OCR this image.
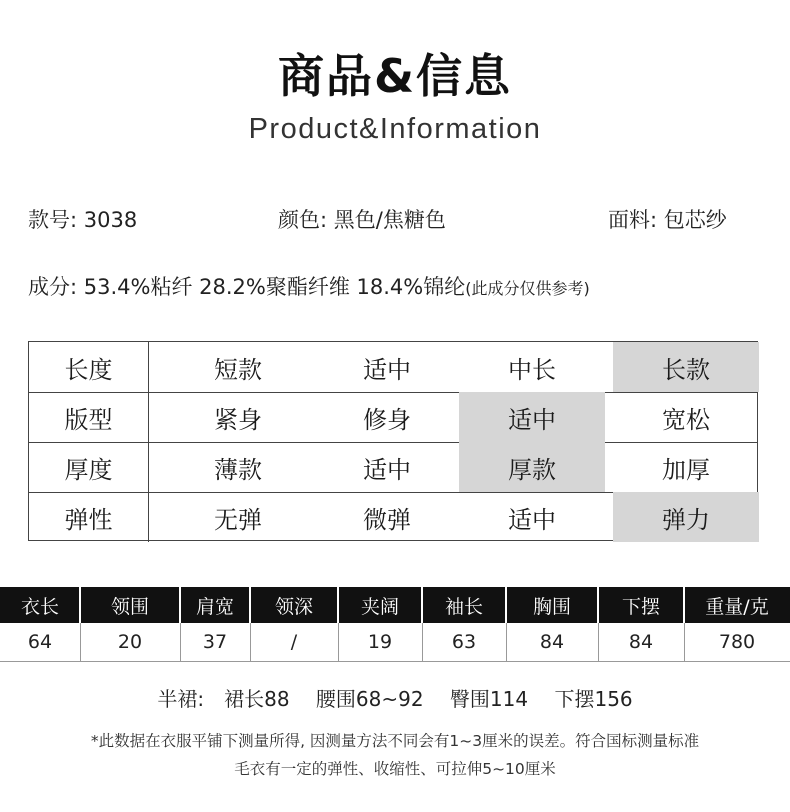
商品&信息
Product&Information
款号: 3038	颜色: 黑色/焦糖色	面料: 包芯纱
成分: 53.4%粘纤 28.2%聚酯纤维 18.4%锦纶(此成分仅供参考)
长度	短款	适中	中长	长款
版型	紧身	修身	适中	宽松
厚度	薄款	适中	厚款	加厚
弹性	无弹	微弹	适中	弹力
衣长	领围	肩宽	领深	夹阔	袖长	胸围	下摆	重量/克
64	20	37	/	19	63	84	84	780
半裙: 裙长88 腰围68~92 臀围114 下摆156
*此数据在衣服平铺下测量所得, 因测量方法不同会有1~3厘米的误差。符合国标测量标准
毛衣有一定的弹性、收缩性、可拉伸5~10厘米
